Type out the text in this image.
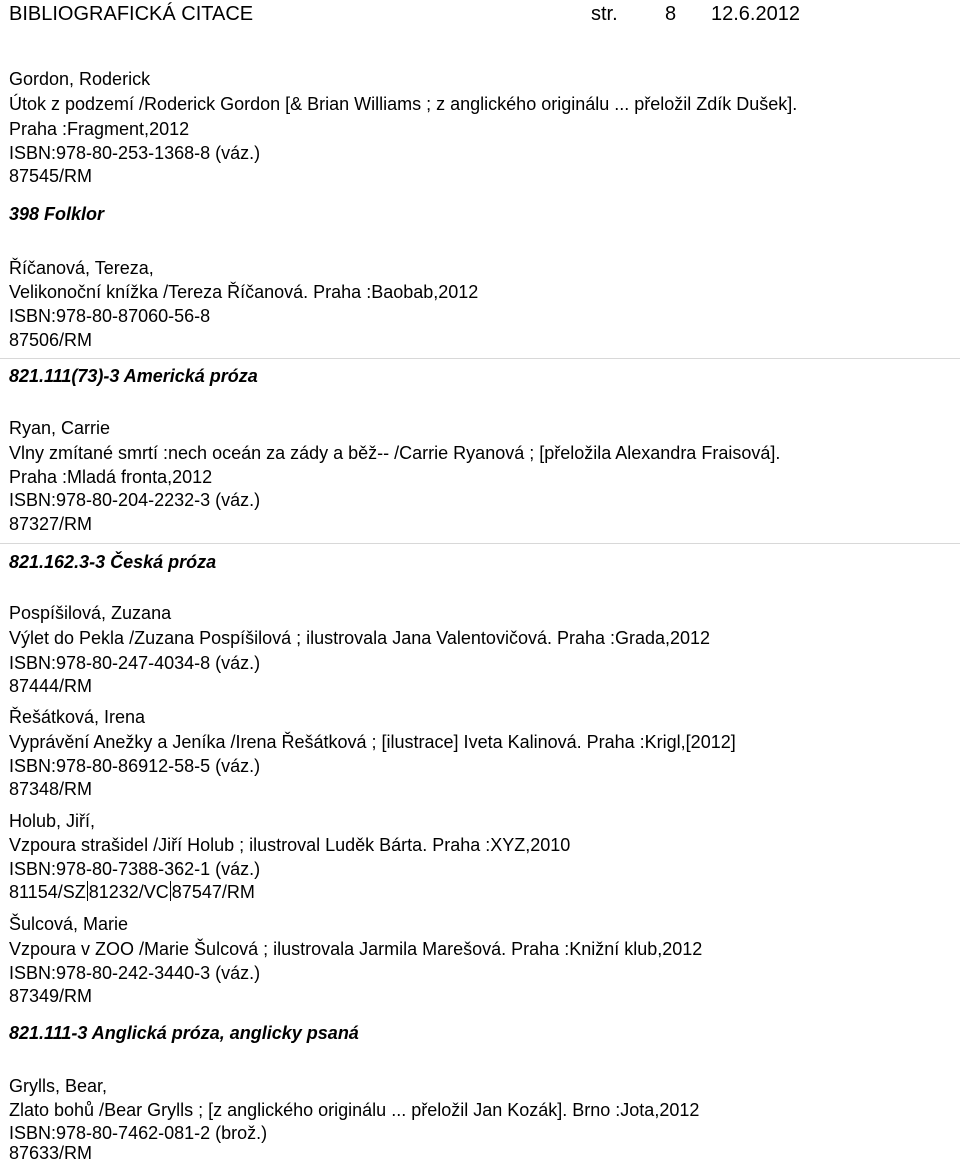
BIBLIOGRAFICKÁ CITACE	str. 8 12.6.2012
Gordon, Roderick
Útok z podzemí /Roderick Gordon [& Brian Williams ; z anglického originálu ... přeložil Zdík Dušek].
Praha :Fragment,2012
ISBN:978-80-253-1368-8 (váz.)
87545/RM
398 Folklor
Říčanová, Tereza,
Velikonoční knížka /Tereza Říčanová. Praha :Baobab,2012
ISBN:978-80-87060-56-8
87506/RM
821.111(73)-3 Americká próza
Ryan, Carrie
Vlny zmítané smrtí :nech oceán za zády a běž-- /Carrie Ryanová ; [přeložila Alexandra Fraisová].
Praha :Mladá fronta,2012
ISBN:978-80-204-2232-3 (váz.)
87327/RM
821.162.3-3 Česká próza
Pospíšilová, Zuzana
Výlet do Pekla /Zuzana Pospíšilová ; ilustrovala Jana Valentovičová. Praha :Grada,2012
ISBN:978-80-247-4034-8 (váz.)
87444/RM
Řešátková, Irena
Vyprávění Anežky a Jeníka /Irena Řešátková ; [ilustrace] Iveta Kalinová. Praha :Krigl,[2012]
ISBN:978-80-86912-58-5 (váz.)
87348/RM
Holub, Jiří,
Vzpoura strašidel /Jiří Holub ; ilustroval Luděk Bárta. Praha :XYZ,2010
ISBN:978-80-7388-362-1 (váz.)
81154/SZ 81232/VC 87547/RM
Šulcová, Marie
Vzpoura v ZOO /Marie Šulcová ; ilustrovala Jarmila Marešová. Praha :Knižní klub,2012
ISBN:978-80-242-3440-3 (váz.)
87349/RM
821.111-3 Anglická próza, anglicky psaná
Grylls, Bear,
Zlato bohů /Bear Grylls ; [z anglického originálu ... přeložil Jan Kozák]. Brno :Jota,2012
ISBN:978-80-7462-081-2 (brož.)
87633/RM
